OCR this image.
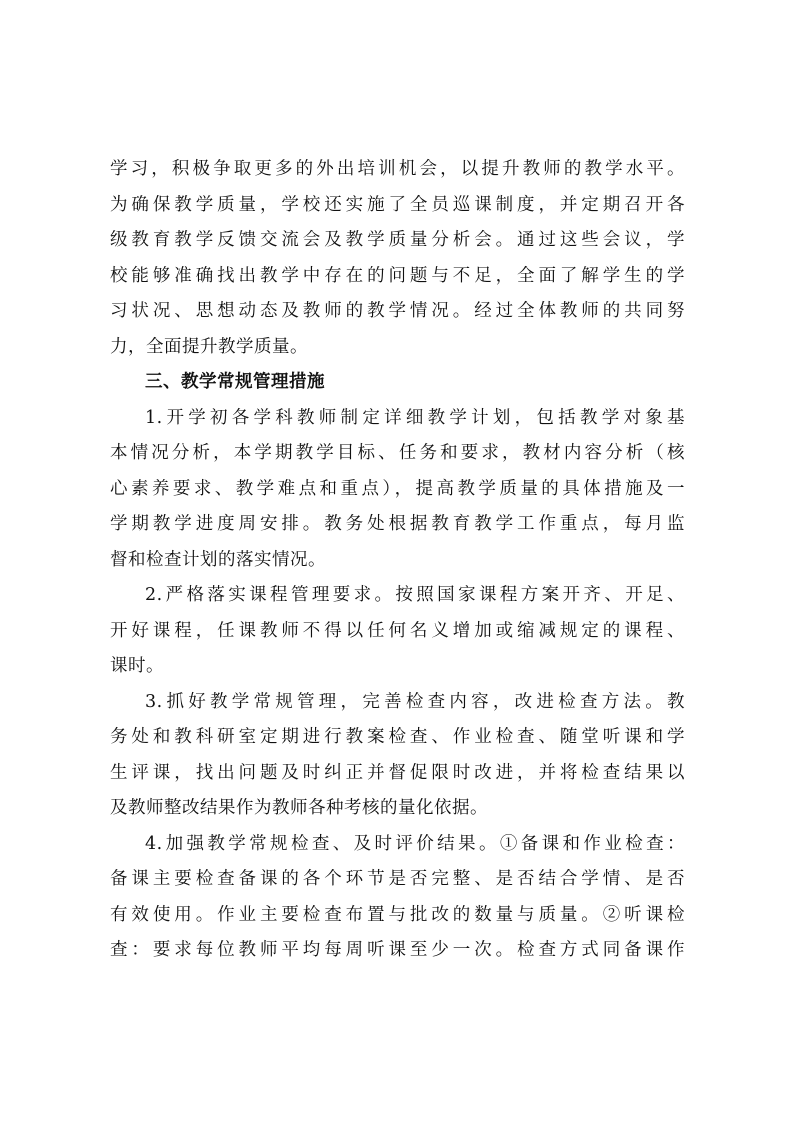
学习，积极争取更多的外出培训机会，以提升教师的教学水平。
为确保教学质量，学校还实施了全员巡课制度，并定期召开各
级教育教学反馈交流会及教学质量分析会。通过这些会议，学
校能够准确找出教学中存在的问题与不足，全面了解学生的学
习状况、思想动态及教师的教学情况。经过全体教师的共同努
力，全面提升教学质量。
三、教学常规管理措施
1.开学初各学科教师制定详细教学计划，包括教学对象基
本情况分析，本学期教学目标、任务和要求，教材内容分析（核
心素养要求、教学难点和重点），提高教学质量的具体措施及一
学期教学进度周安排。教务处根据教育教学工作重点，每月监
督和检查计划的落实情况。
2.严格落实课程管理要求。按照国家课程方案开齐、开足、
开好课程，任课教师不得以任何名义增加或缩减规定的课程、
课时。
3.抓好教学常规管理，完善检查内容，改进检查方法。教
务处和教科研室定期进行教案检查、作业检查、随堂听课和学
生评课，找出问题及时纠正并督促限时改进，并将检查结果以
及教师整改结果作为教师各种考核的量化依据。
4.加强教学常规检查、及时评价结果。①备课和作业检查：
备课主要检查备课的各个环节是否完整、是否结合学情、是否
有效使用。作业主要检查布置与批改的数量与质量。②听课检
查：要求每位教师平均每周听课至少一次。检查方式同备课作
